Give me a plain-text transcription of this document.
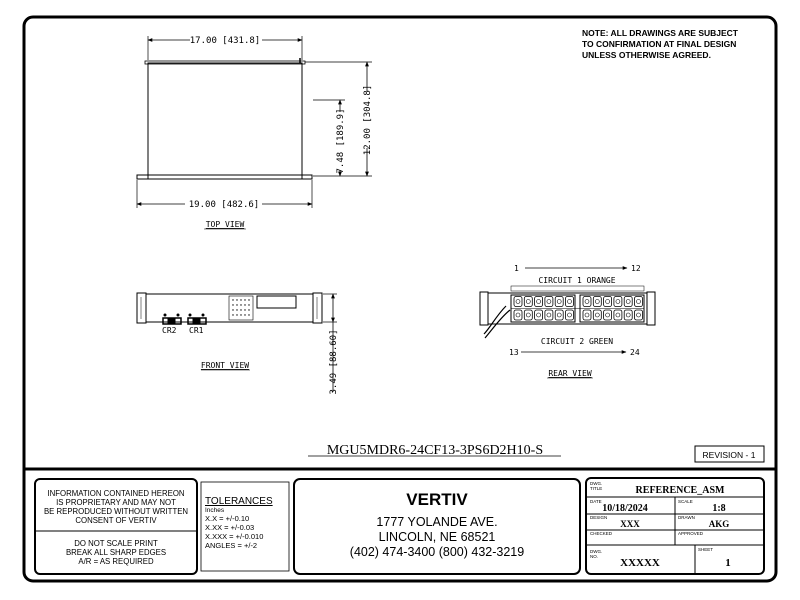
NOTE: ALL DRAWINGS ARE SUBJECT
TO CONFIRMATION AT FINAL DESIGN
UNLESS OTHERWISE AGREED.
17.00 [431.8]
19.00 [482.6]
7.48 [189.9] 12.00 [304.8]
TOP VIEW
CR2 CR1	3.49 [88.60]
FRONT VIEW
1	12
CIRCUIT 1 ORANGE
CIRCUIT 2 GREEN
13	24
REAR VIEW
MGU5MDR6-24CF13-3PS6D2H10-S	REVISION - 1
INFORMATION CONTAINED HEREON
IS PROPRIETARY AND MAY NOT
BE REPRODUCED WITHOUT WRITTEN
CONSENT OF VERTIV
DO NOT SCALE PRINT
BREAK ALL SHARP EDGES
A/R = AS REQUIRED
TOLERANCES
Inches
X.X = +/-0.10
X.XX = +/-0.03
X.XXX = +/-0.010
ANGLES = +/-2
VERTIV
1777 YOLANDE AVE.
LINCOLN, NE 68521
(402) 474-3400 (800) 432-3219
DWG.
TITLE	REFERENCE_ASM
DATE
10/18/2024
SCALE
1:8
DESIGN
XXX
DRAWN
AKG
CHECKED	APPROVED
DWG.
NO.
XXXXX
SHEET
1
